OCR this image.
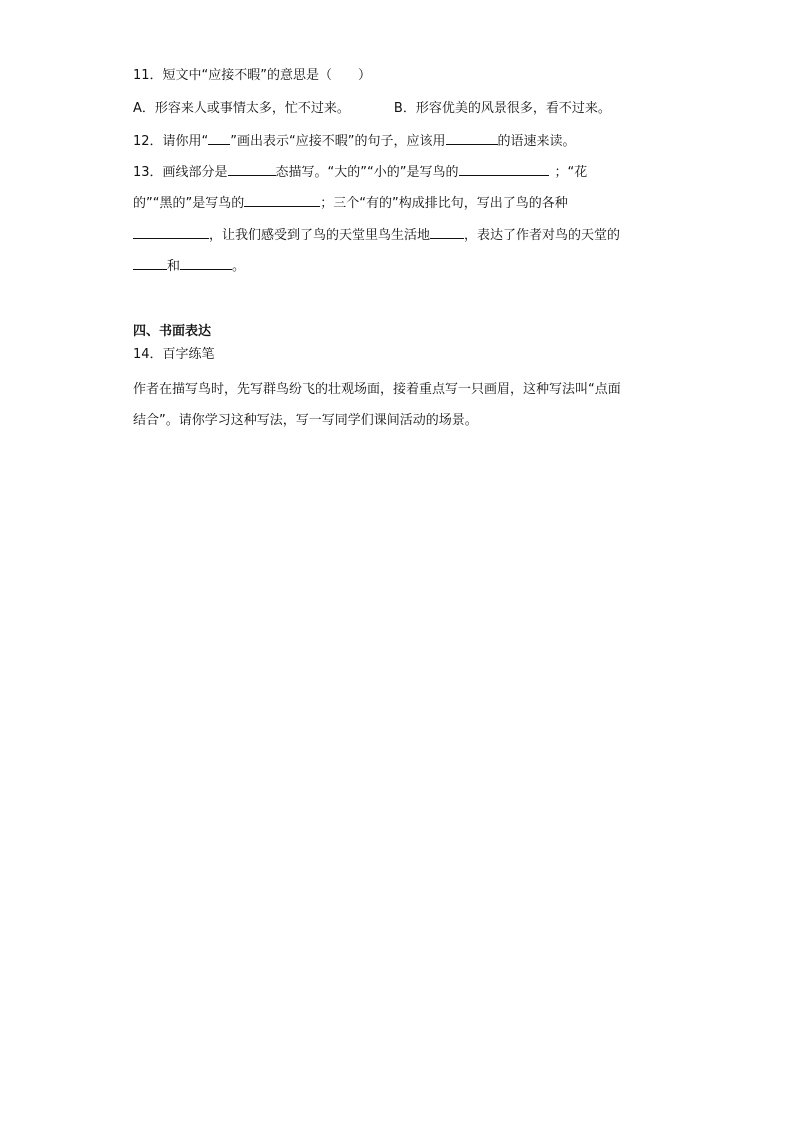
11．短文中“应接不暇”的意思是（　　）
A．形容来人或事情太多，忙不过来。	B．形容优美的风景很多，看不过来。
12．请你用“ ”画出表示“应接不暇”的句子，应该用	的语速来读。
13．画线部分是	态描写。“大的”“小的”是写鸟的	；“花
的”“黑的”是写鸟的	；三个“有的”构成排比句，写出了鸟的各种
，让我们感受到了鸟的天堂里鸟生活地	，表达了作者对鸟的天堂的
和	。
四、书面表达
14．百字练笔
作者在描写鸟时，先写群鸟纷飞的壮观场面，接着重点写一只画眉，这种写法叫“点面
结合”。请你学习这种写法，写一写同学们课间活动的场景。
